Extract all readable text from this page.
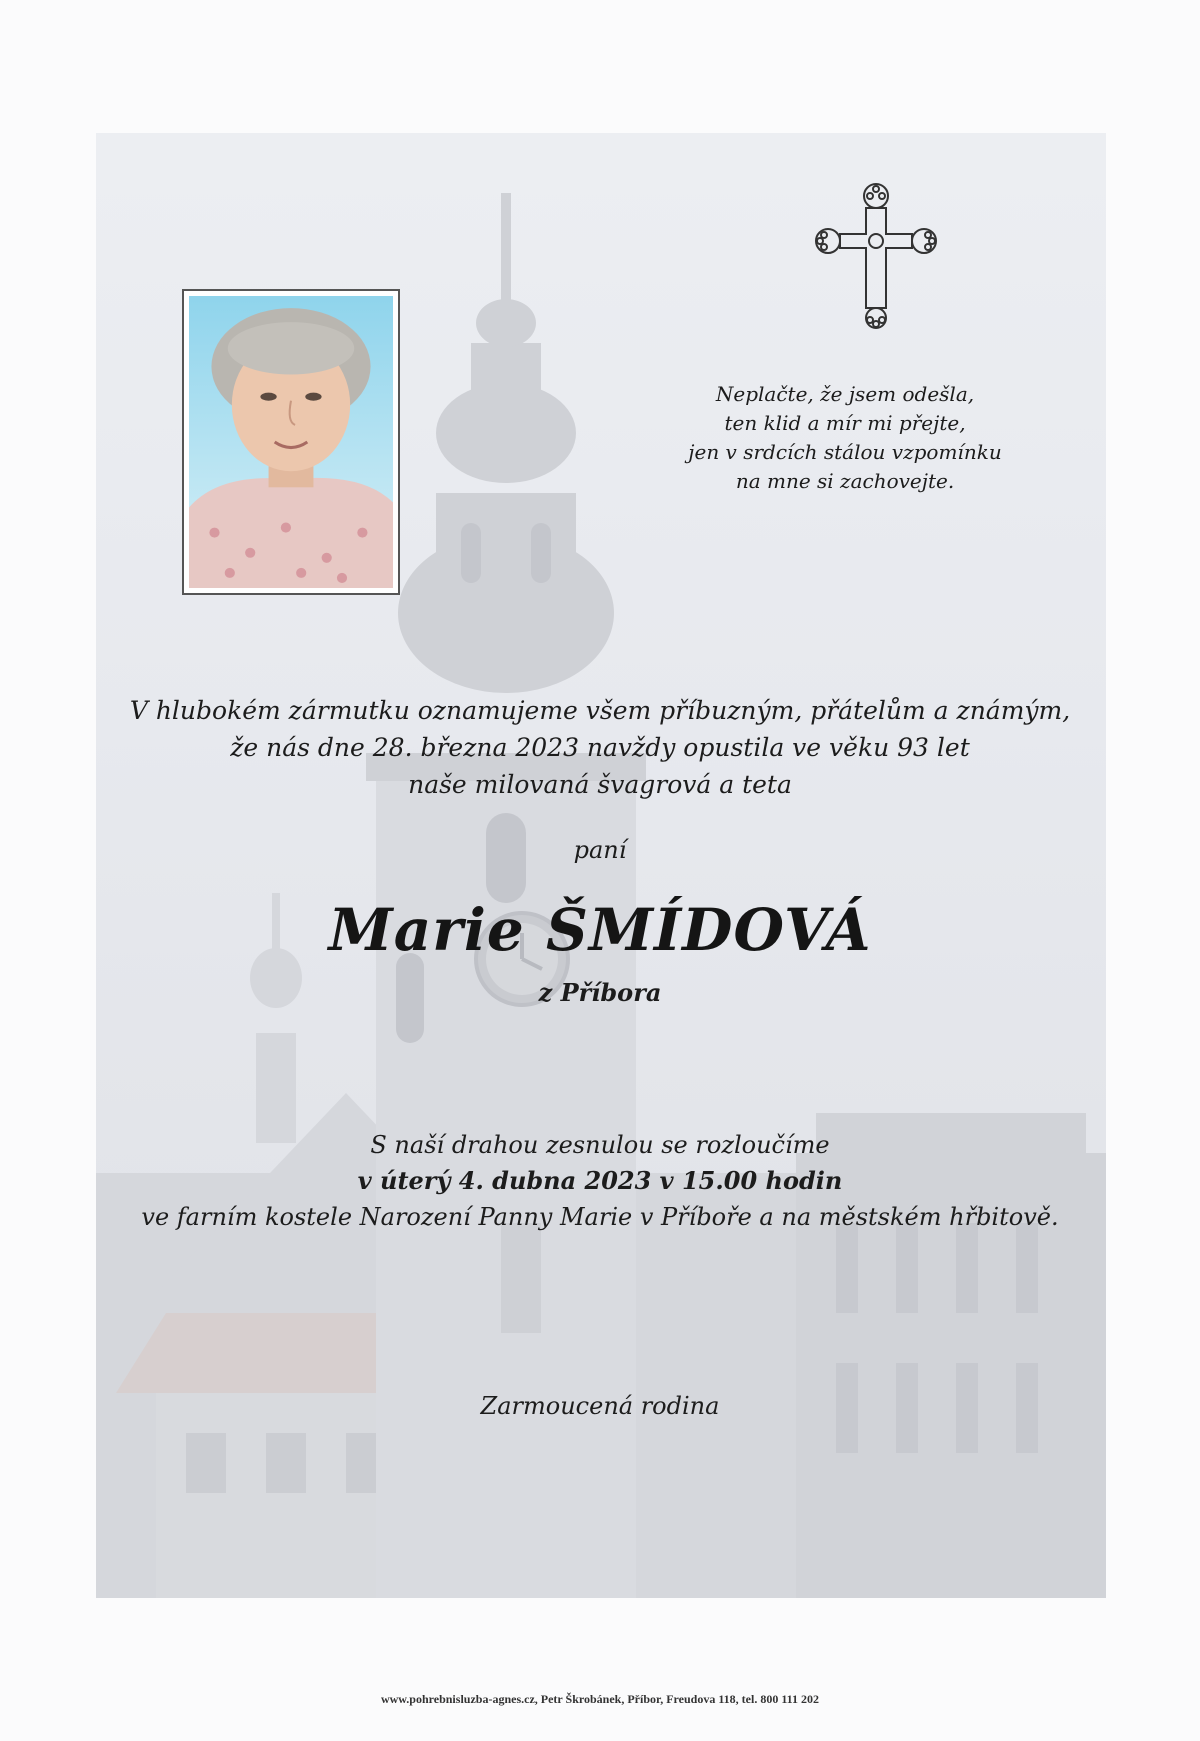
Neplačte, že jsem odešla,
ten klid a mír mi přejte,
jen v srdcích stálou vzpomínku
na mne si zachovejte.
V hlubokém zármutku oznamujeme všem příbuzným, přátelům a známým,
že nás dne 28. března 2023 navždy opustila ve věku 93 let
naše milovaná švagrová a teta
paní
Marie ŠMÍDOVÁ
z Příbora
S naší drahou zesnulou se rozloučíme
v úterý 4. dubna 2023 v 15.00 hodin
ve farním kostele Narození Panny Marie v Příboře a na městském hřbitově.
Zarmoucená rodina
www.pohrebnisluzba-agnes.cz, Petr Škrobánek, Příbor, Freudova 118, tel. 800 111 202
